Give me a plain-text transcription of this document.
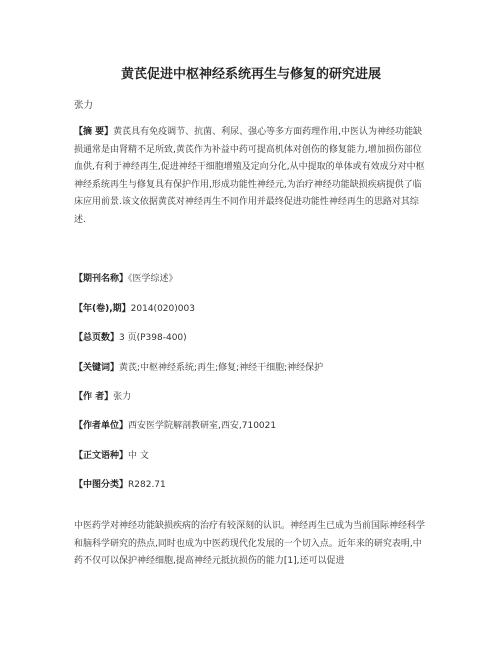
黄芪促进中枢神经系统再生与修复的研究进展
张力

【摘 要】黄芪具有免疫调节、抗菌、利尿、强心等多方面药理作用,中医认为神经功能缺损通常是由肾精不足所致,黄芪作为补益中药可提高机体对创伤的修复能力,增加损伤部位血供,有利于神经再生,促进神经干细胞增殖及定向分化,从中提取的单体或有效成分对中枢神经系统再生与修复具有保护作用,形成功能性神经元,为治疗神经功能缺损疾病提供了临床应用前景.该文依据黄芪对神经再生不同作用并最终促进功能性神经再生的思路对其综述.

【期刊名称】《医学综述》
【年(卷),期】2014(020)003
【总页数】3 页(P398-400)
【关键词】黄芪;中枢神经系统;再生;修复;神经干细胞;神经保护
【作 者】张力
【作者单位】西安医学院解剖教研室,西安,710021
【正文语种】中 文
【中图分类】R282.71

中医药学对神经功能缺损疾病的治疗有较深刻的认识。神经再生已成为当前国际神经科学和脑科学研究的热点,同时也成为中医药现代化发展的一个切入点。近年来的研究表明,中药不仅可以保护神经细胞,提高神经元抵抗损伤的能力[1],还可以促进
